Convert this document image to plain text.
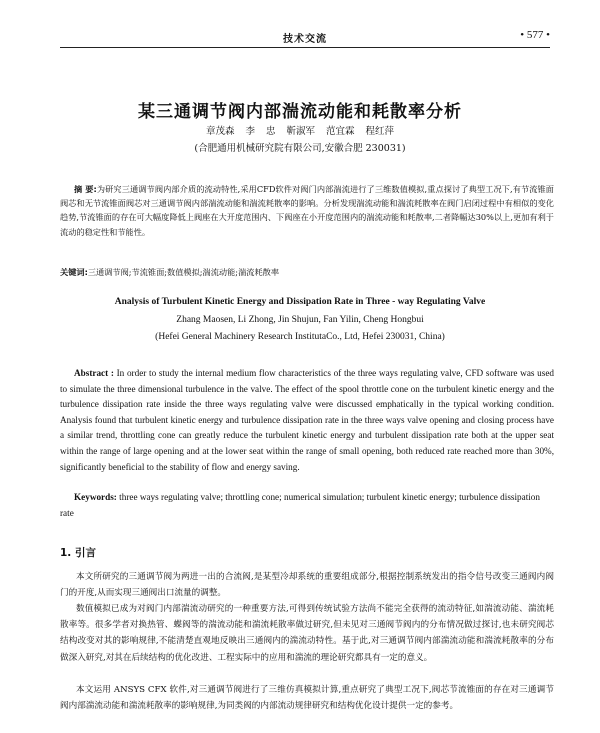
技术交流	• 577 •
某三通调节阀内部湍流动能和耗散率分析
章茂森 李 忠 靳淑军 范宜霖 程红萍
(合肥通用机械研究院有限公司,安徽合肥 230031)

摘 要:为研究三通调节阀内部介质的流动特性,采用CFD软件对阀门内部湍流进行了三维数值模拟,重点探讨了典型工况下,有节流锥面阀芯和无节流锥面阀芯对三通调节阀内部湍流动能和湍流耗散率的影响。分析发现湍流动能和湍流耗散率在阀门启闭过程中有相似的变化趋势,节流锥面的存在可大幅度降低上阀座在大开度范围内、下阀座在小开度范围内的湍流动能和耗散率,二者降幅达30%以上,更加有利于流动的稳定性和节能性。

关键词:三通调节阀;节流锥面;数值模拟;湍流动能;湍流耗散率

Analysis of Turbulent Kinetic Energy and Dissipation Rate in Three - way Regulating Valve
Zhang Maosen, Li Zhong, Jin Shujun, Fan Yilin, Cheng Hongbui
(Hefei General Machinery Research InstitutaCo., Ltd, Hefei 230031, China)

Abstract : In order to study the internal medium flow characteristics of the three ways regulating valve, CFD software was used to simulate the three dimensional turbulence in the valve. The effect of the spool throttle cone on the turbulent kinetic energy and the turbulence dissipation rate inside the three ways regulating valve were discussed emphatically in the typical working condition. Analysis found that turbulent kinetic energy and turbulence dissipation rate in the three ways valve opening and closing process have a similar trend, throttling cone can greatly reduce the turbulent kinetic energy and turbulent dissipation rate both at the upper seat within the range of large opening and at the lower seat within the range of small opening, both reduced rate reached more than 30%, significantly beneficial to the stability of flow and energy saving.

Keywords: three ways regulating valve; throttling cone; numerical simulation; turbulent kinetic energy; turbulence dissipation rate

1. 引言

本文所研究的三通调节阀为两进一出的合流阀,是某型冷却系统的重要组成部分,根据控制系统发出的指令信号改变三通阀内阀门的开度,从而实现三通阀出口流量的调整。

数值模拟已成为对阀门内部湍流动研究的一种重要方法,可得到传统试验方法尚不能完全获得的流动特征,如湍流动能、湍流耗散率等。很多学者对换热管、蝶阀等的湍流动能和湍流耗散率做过研究,但未见对三通阀节阀内的分布情况做过探讨,也未研究阀芯结构改变对其的影响规律,不能清楚直观地反映出三通阀内的湍流动特性。基于此,对三通调节阀内部湍流动能和湍流耗散率的分布做深入研究,对其在后续结构的优化改进、工程实际中的应用和湍流的理论研究都具有一定的意义。

本文运用 ANSYS CFX 软件,对三通调节阀进行了三维仿真模拟计算,重点研究了典型工况下,阀芯节流锥面的存在对三通调节阀内部湍流动能和湍流耗散率的影响规律,为同类阀的内部流动规律研究和结构优化设计提供一定的参考。
